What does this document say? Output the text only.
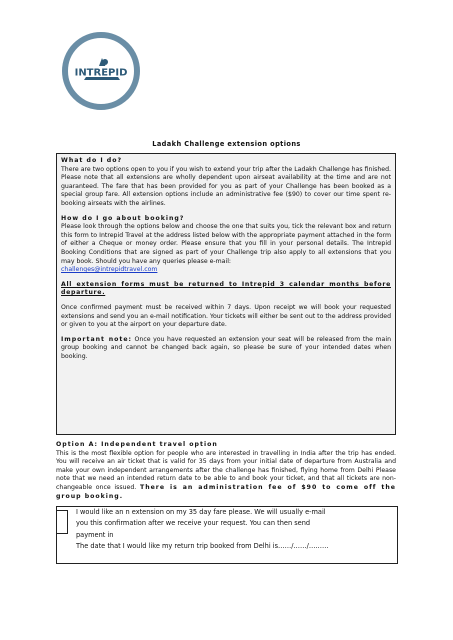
INTREPID
Ladakh Challenge extension options

What do I do?

There are two options open to you if you wish to extend your trip after the Ladakh Challenge has finished. Please note that all extensions are wholly dependent upon airseat availability at the time and are not guaranteed. The fare that has been provided for you as part of your Challenge has been booked as a special group fare. All extension options include an administrative fee ($90) to cover our time spent re-booking airseats with the airlines.

How do I go about booking?

Please look through the options below and choose the one that suits you, tick the relevant box and return this form to Intrepid Travel at the address listed below with the appropriate payment attached in the form of either a Cheque or money order. Please ensure that you fill in your personal details. The Intrepid Booking Conditions that are signed as part of your Challenge trip also apply to all extensions that you may book. Should you have any queries please e-mail:

challenges@intrepidtravel.com

All extension forms must be returned to Intrepid 3 calendar months before departure.

Once confirmed payment must be received within 7 days. Upon receipt we will book your requested extensions and send you an e-mail notification. Your tickets will either be sent out to the address provided or given to you at the airport on your departure date.

Important note: Once you have requested an extension your seat will be released from the main group booking and cannot be changed back again, so please be sure of your intended dates when booking.

Option A: Independent travel option

This is the most flexible option for people who are interested in travelling in India after the trip has ended. You will receive an air ticket that is valid for 35 days from your initial date of departure from Australia and make your own independent arrangements after the challenge has finished, flying home from Delhi Please note that we need an intended return date to be able to and book your ticket, and that all tickets are non-changeable once issued. There is an administration fee of $90 to come off the group booking.

I would like an n extension on my 35 day fare please. We will usually e-mail

you this confirmation after we receive your request. You can then send

payment in

The date that I would like my return trip booked from Delhi is……/……/………
